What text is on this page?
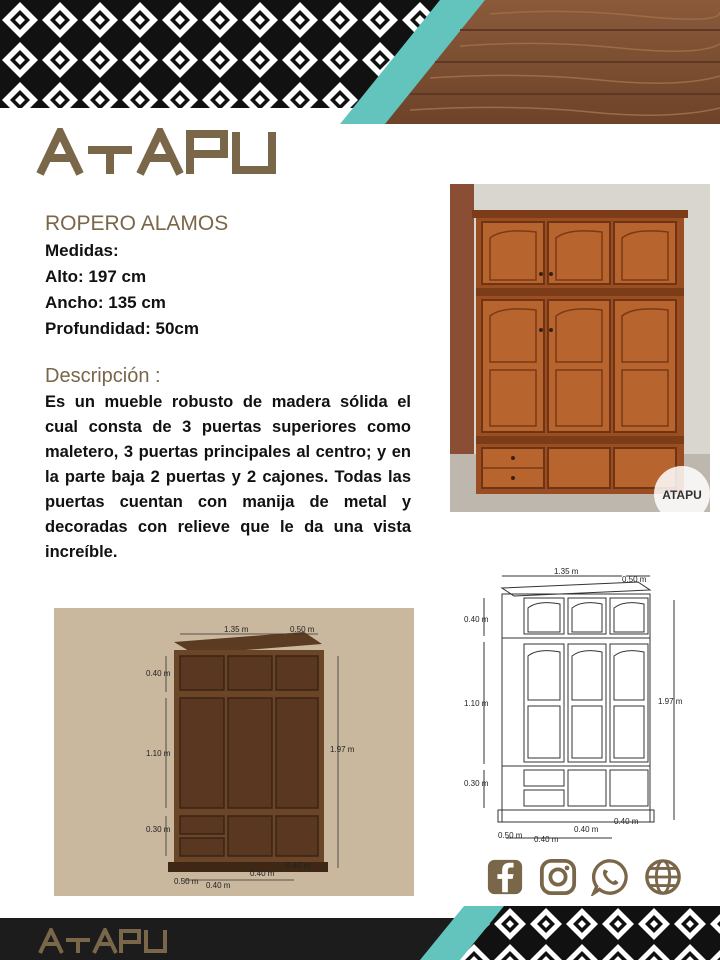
ROPERO ALAMOS

Medidas:

Alto: 197 cm

Ancho: 135 cm

Profundidad: 50cm

Descripción :

Es un mueble robusto de madera sólida el cual consta de 3 puertas superiores como maletero, 3 puertas principales al centro; y en la parte baja 2 puertas y 2 cajones. Todas las puertas cuentan con manija de metal y decoradas con relieve que le da una vista increíble.

ATAPU
1.35 m	0.50 m
0.40 m
1.10 m
0.30 m
1.97 m
0.50 m 0.40 m
0.40 m
0.40 m
1.35 m
0.50 m
0.40 m
1.10 m
0.30 m
1.97 m
0.50 m 0.40 m
0.40 m
0.40 m
